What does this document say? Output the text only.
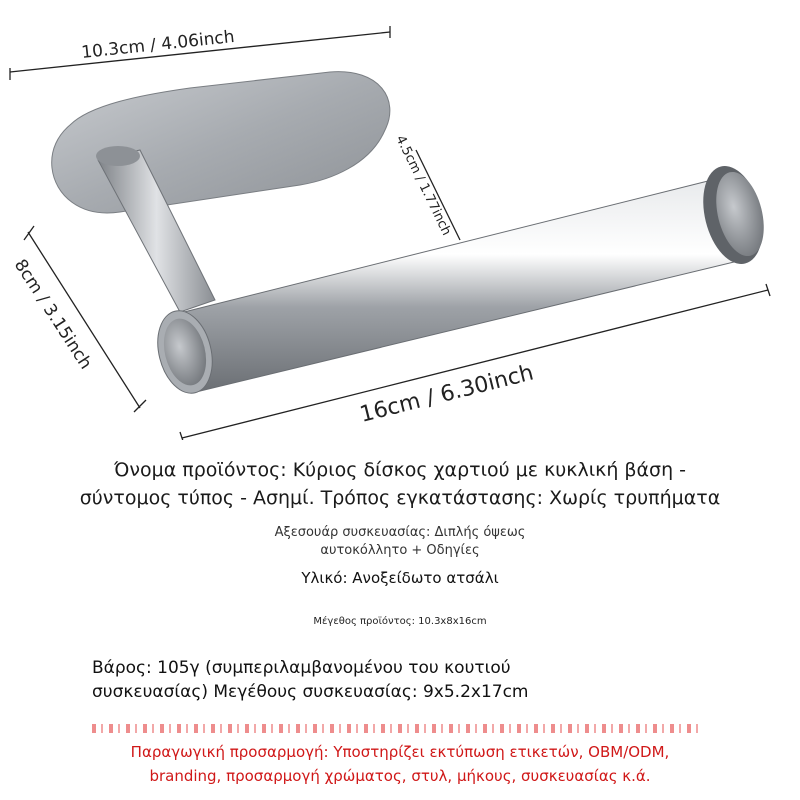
10.3cm / 4.06inch
4.5cm / 1.77inch
8cm / 3.15inch
16cm / 6.30inch

Όνομα προϊόντος: Κύριος δίσκος χαρτιού με κυκλική βάση -
σύντομος τύπος - Ασημί. Τρόπος εγκατάστασης: Χωρίς τρυπήματα

Αξεσουάρ συσκευασίας: Διπλής όψεως
αυτοκόλλητο + Οδηγίες

Υλικό: Ανοξείδωτο ατσάλι

Μέγεθος προϊόντος: 10.3x8x16cm

Βάρος: 105γ (συμπεριλαμβανομένου του κουτιού
συσκευασίας) Μεγέθους συσκευασίας: 9x5.2x17cm

Παραγωγική προσαρμογή: Υποστηρίζει εκτύπωση ετικετών, OBM/ODM,
branding, προσαρμογή χρώματος, στυλ, μήκους, συσκευασίας κ.ά.
